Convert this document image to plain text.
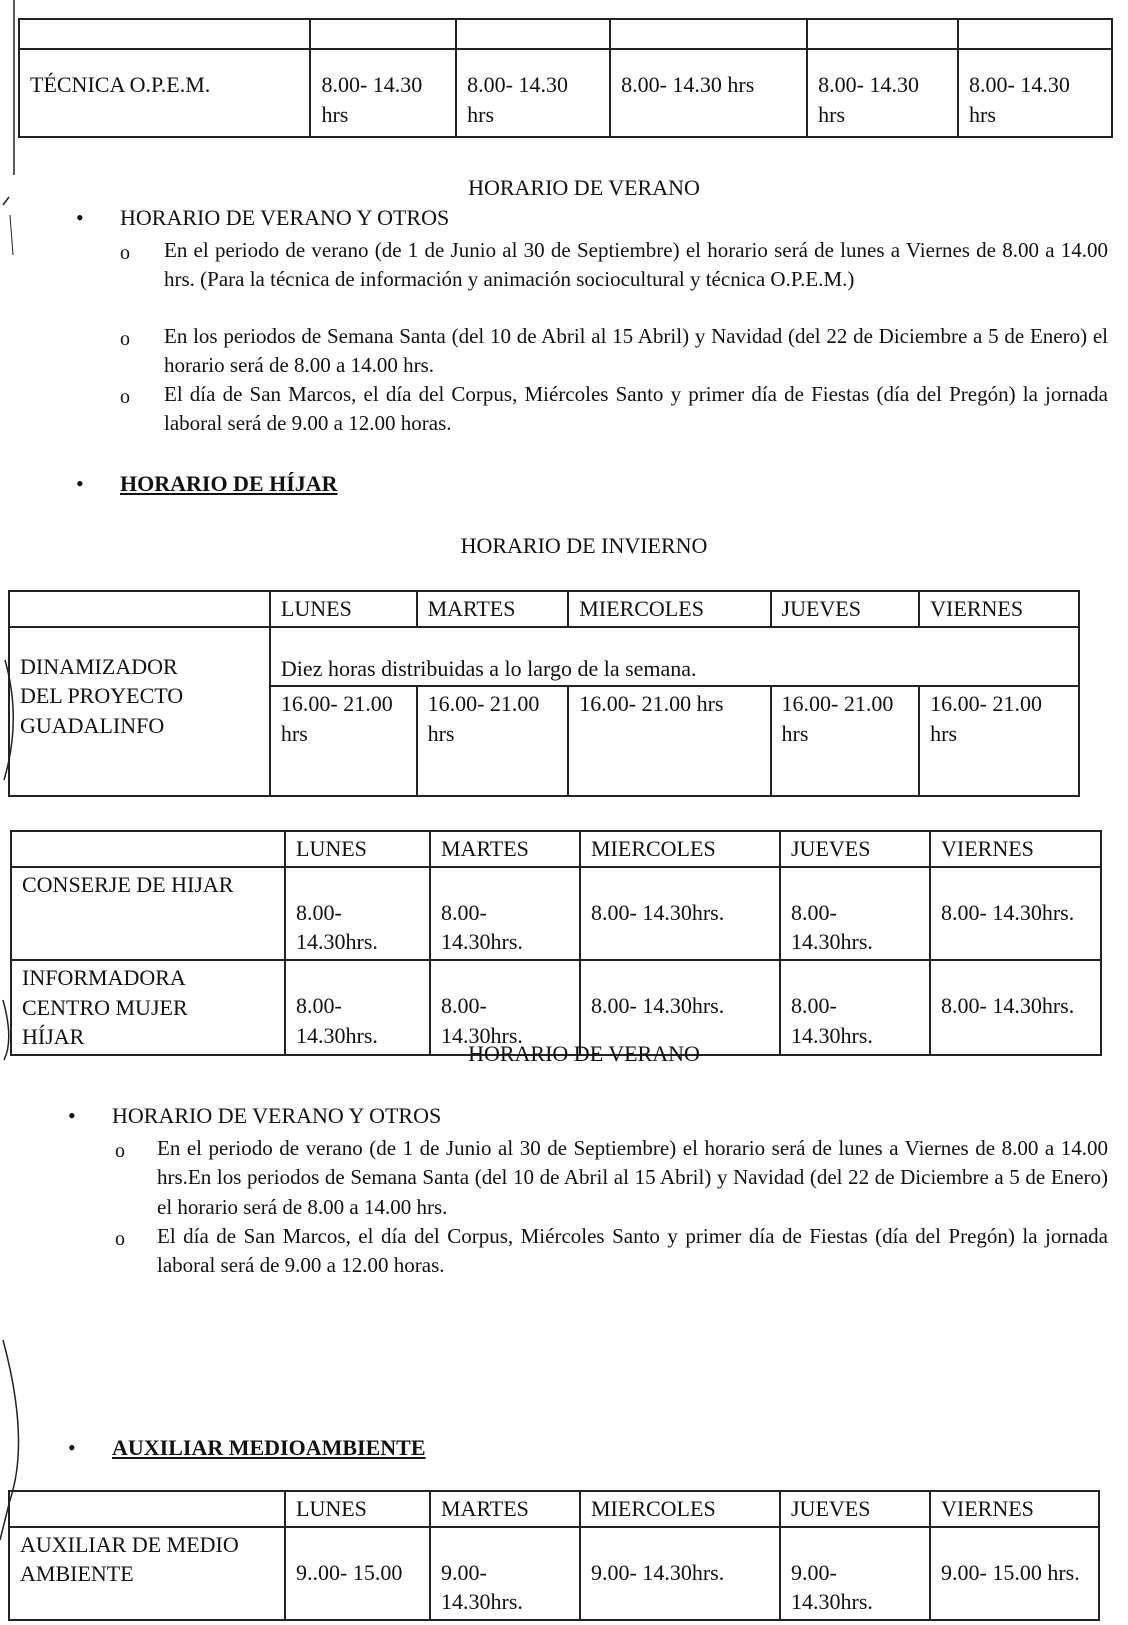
TÉCNICA O.P.E.M.	8.00- 14.30 hrs	8.00- 14.30 hrs	8.00- 14.30 hrs	8.00- 14.30 hrs	8.00- 14.30 hrs
HORARIO DE VERANO
• HORARIO DE VERANO Y OTROS
o En el periodo de verano (de 1 de Junio al 30 de Septiembre) el horario será de lunes a Viernes de 8.00 a 14.00 hrs. (Para la técnica de información y animación sociocultural y técnica O.P.E.M.)
o En los periodos de Semana Santa (del 10 de Abril al 15 Abril) y Navidad (del 22 de Diciembre a 5 de Enero) el horario será de 8.00 a 14.00 hrs.
o El día de San Marcos, el día del Corpus, Miércoles Santo y primer día de Fiestas (día del Pregón) la jornada laboral será de 9.00 a 12.00 horas.
• HORARIO DE HÍJAR
HORARIO DE INVIERNO
	LUNES	MARTES	MIERCOLES	JUEVES	VIERNES

DINAMIZADOR
DEL PROYECTO
GUADALINFO	Diez horas distribuidas a lo largo de la semana.				
	16.00- 21.00 hrs	16.00- 21.00 hrs	16.00- 21.00 hrs	16.00- 21.00 hrs	16.00- 21.00 hrs
	LUNES	MARTES	MIERCOLES	JUEVES	VIERNES
CONSERJE DE HIJAR	8.00- 14.30hrs.	8.00- 14.30hrs.	8.00- 14.30hrs.	8.00- 14.30hrs.	8.00- 14.30hrs.

INFORMADORA
CENTRO MUJER
HÍJAR	8.00- 14.30hrs.	8.00- 14.30hrs.	8.00- 14.30hrs.	8.00- 14.30hrs.	8.00- 14.30hrs.
HORARIO DE VERANO
• HORARIO DE VERANO Y OTROS
o En el periodo de verano (de 1 de Junio al 30 de Septiembre) el horario será de lunes a Viernes de 8.00 a 14.00 hrs.En los periodos de Semana Santa (del 10 de Abril al 15 Abril) y Navidad (del 22 de Diciembre a 5 de Enero) el horario será de 8.00 a 14.00 hrs.
o El día de San Marcos, el día del Corpus, Miércoles Santo y primer día de Fiestas (día del Pregón) la jornada laboral será de 9.00 a 12.00 horas.
• AUXILIAR MEDIOAMBIENTE
	LUNES	MARTES	MIERCOLES	JUEVES	VIERNES

AUXILIAR DE MEDIO
AMBIENTE	9..00- 15.00	9.00- 14.30hrs.	9.00- 14.30hrs.	9.00- 14.30hrs.	9.00- 15.00 hrs.
